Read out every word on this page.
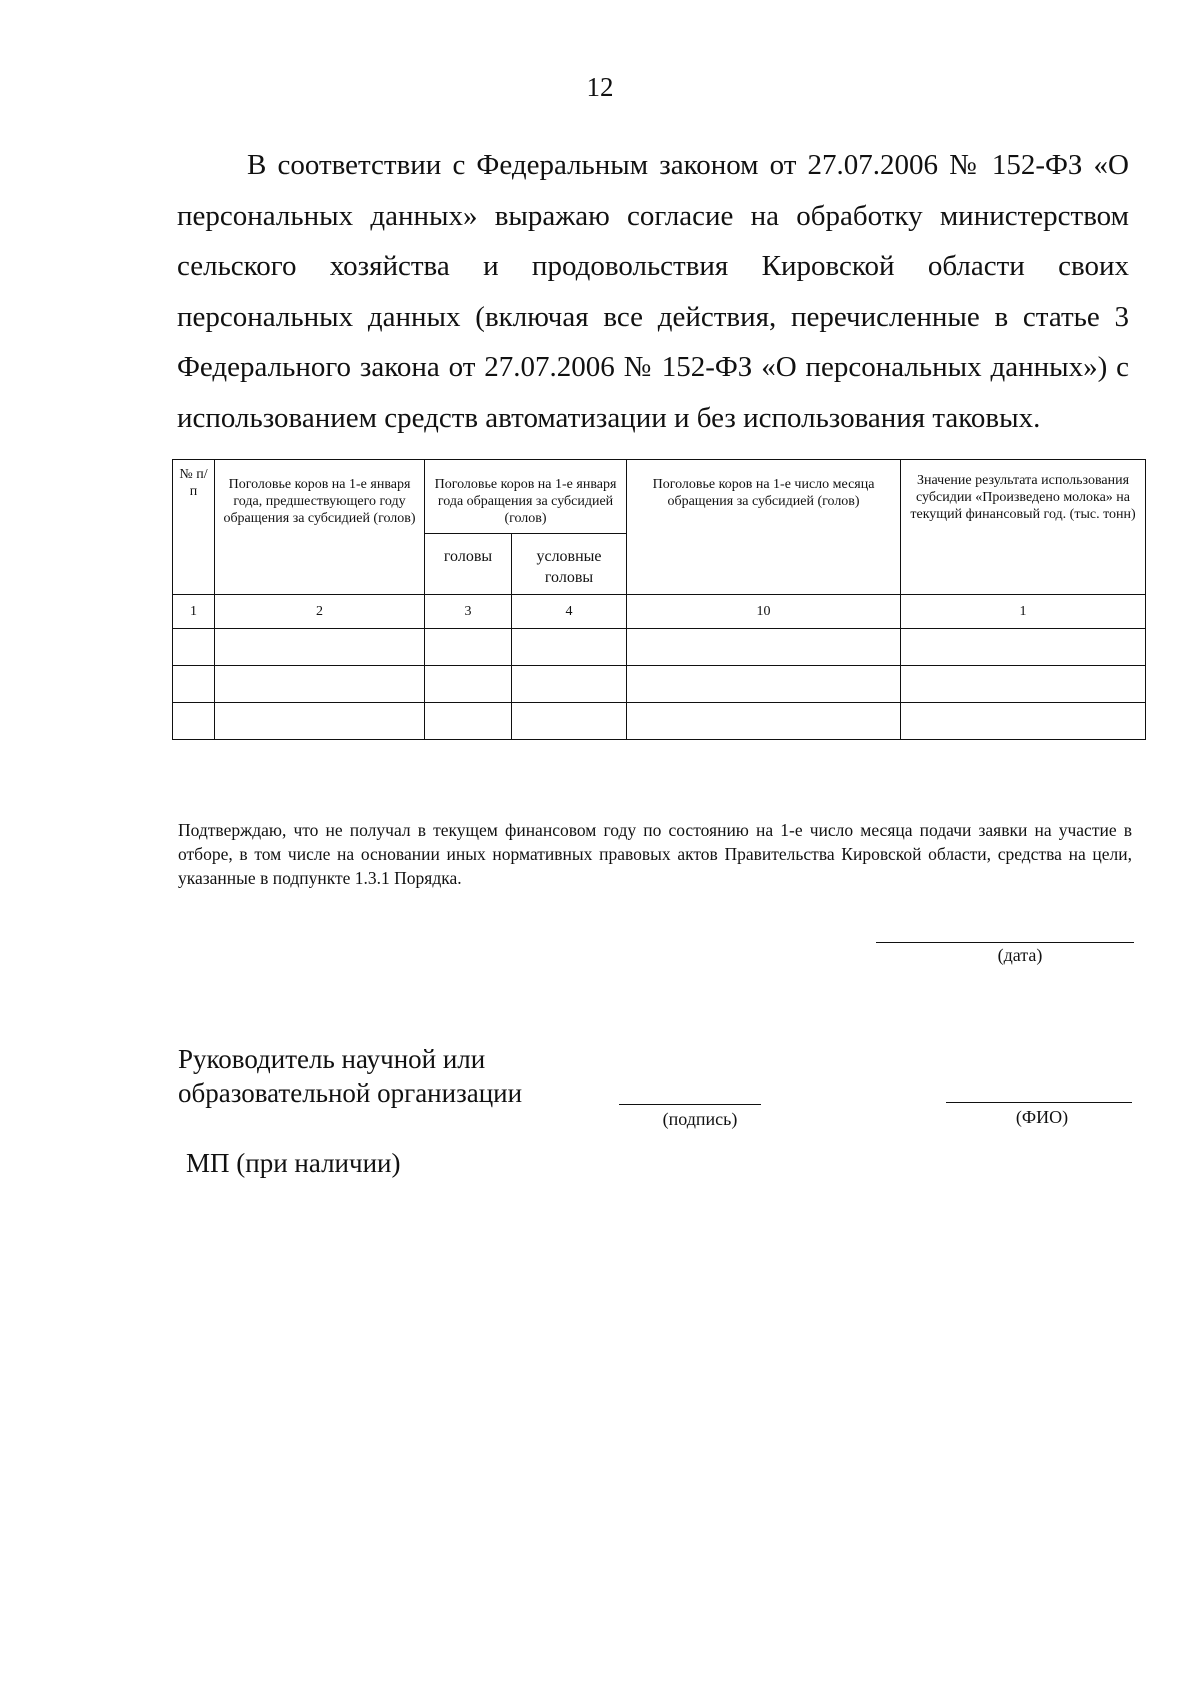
12

В соответствии с Федеральным законом от 27.07.2006 № 152-ФЗ «О персональных данных» выражаю согласие на обработку министерством сельского хозяйства и продовольствия Кировской области своих персональных данных (включая все действия, перечисленные в статье 3 Федерального закона от 27.07.2006 № 152-ФЗ «О персональных данных») с использованием средств автоматизации и без использования таковых.

№ п/п	Поголовье коров на 1-е января года, предшествующего году обращения за субсидией (голов)	Поголовье коров на 1-е января года обращения за субсидией (голов)		Поголовье коров на 1-е число месяца обращения за субсидией (голов)	Значение результата использования субсидии «Произведено молока» на текущий финансовый год. (тыс. тонн)
		головы	условные головы		
1	2	3	4	10	1

Подтверждаю, что не получал в текущем финансовом году по состоянию на 1-е число месяца подачи заявки на участие в отборе, в том числе на основании иных нормативных правовых актов Правительства Кировской области, средства на цели, указанные в подпункте 1.3.1 Порядка.

(дата)

Руководитель научной или
образовательной организации

(подпись)	(ФИО)
МП (при наличии)
